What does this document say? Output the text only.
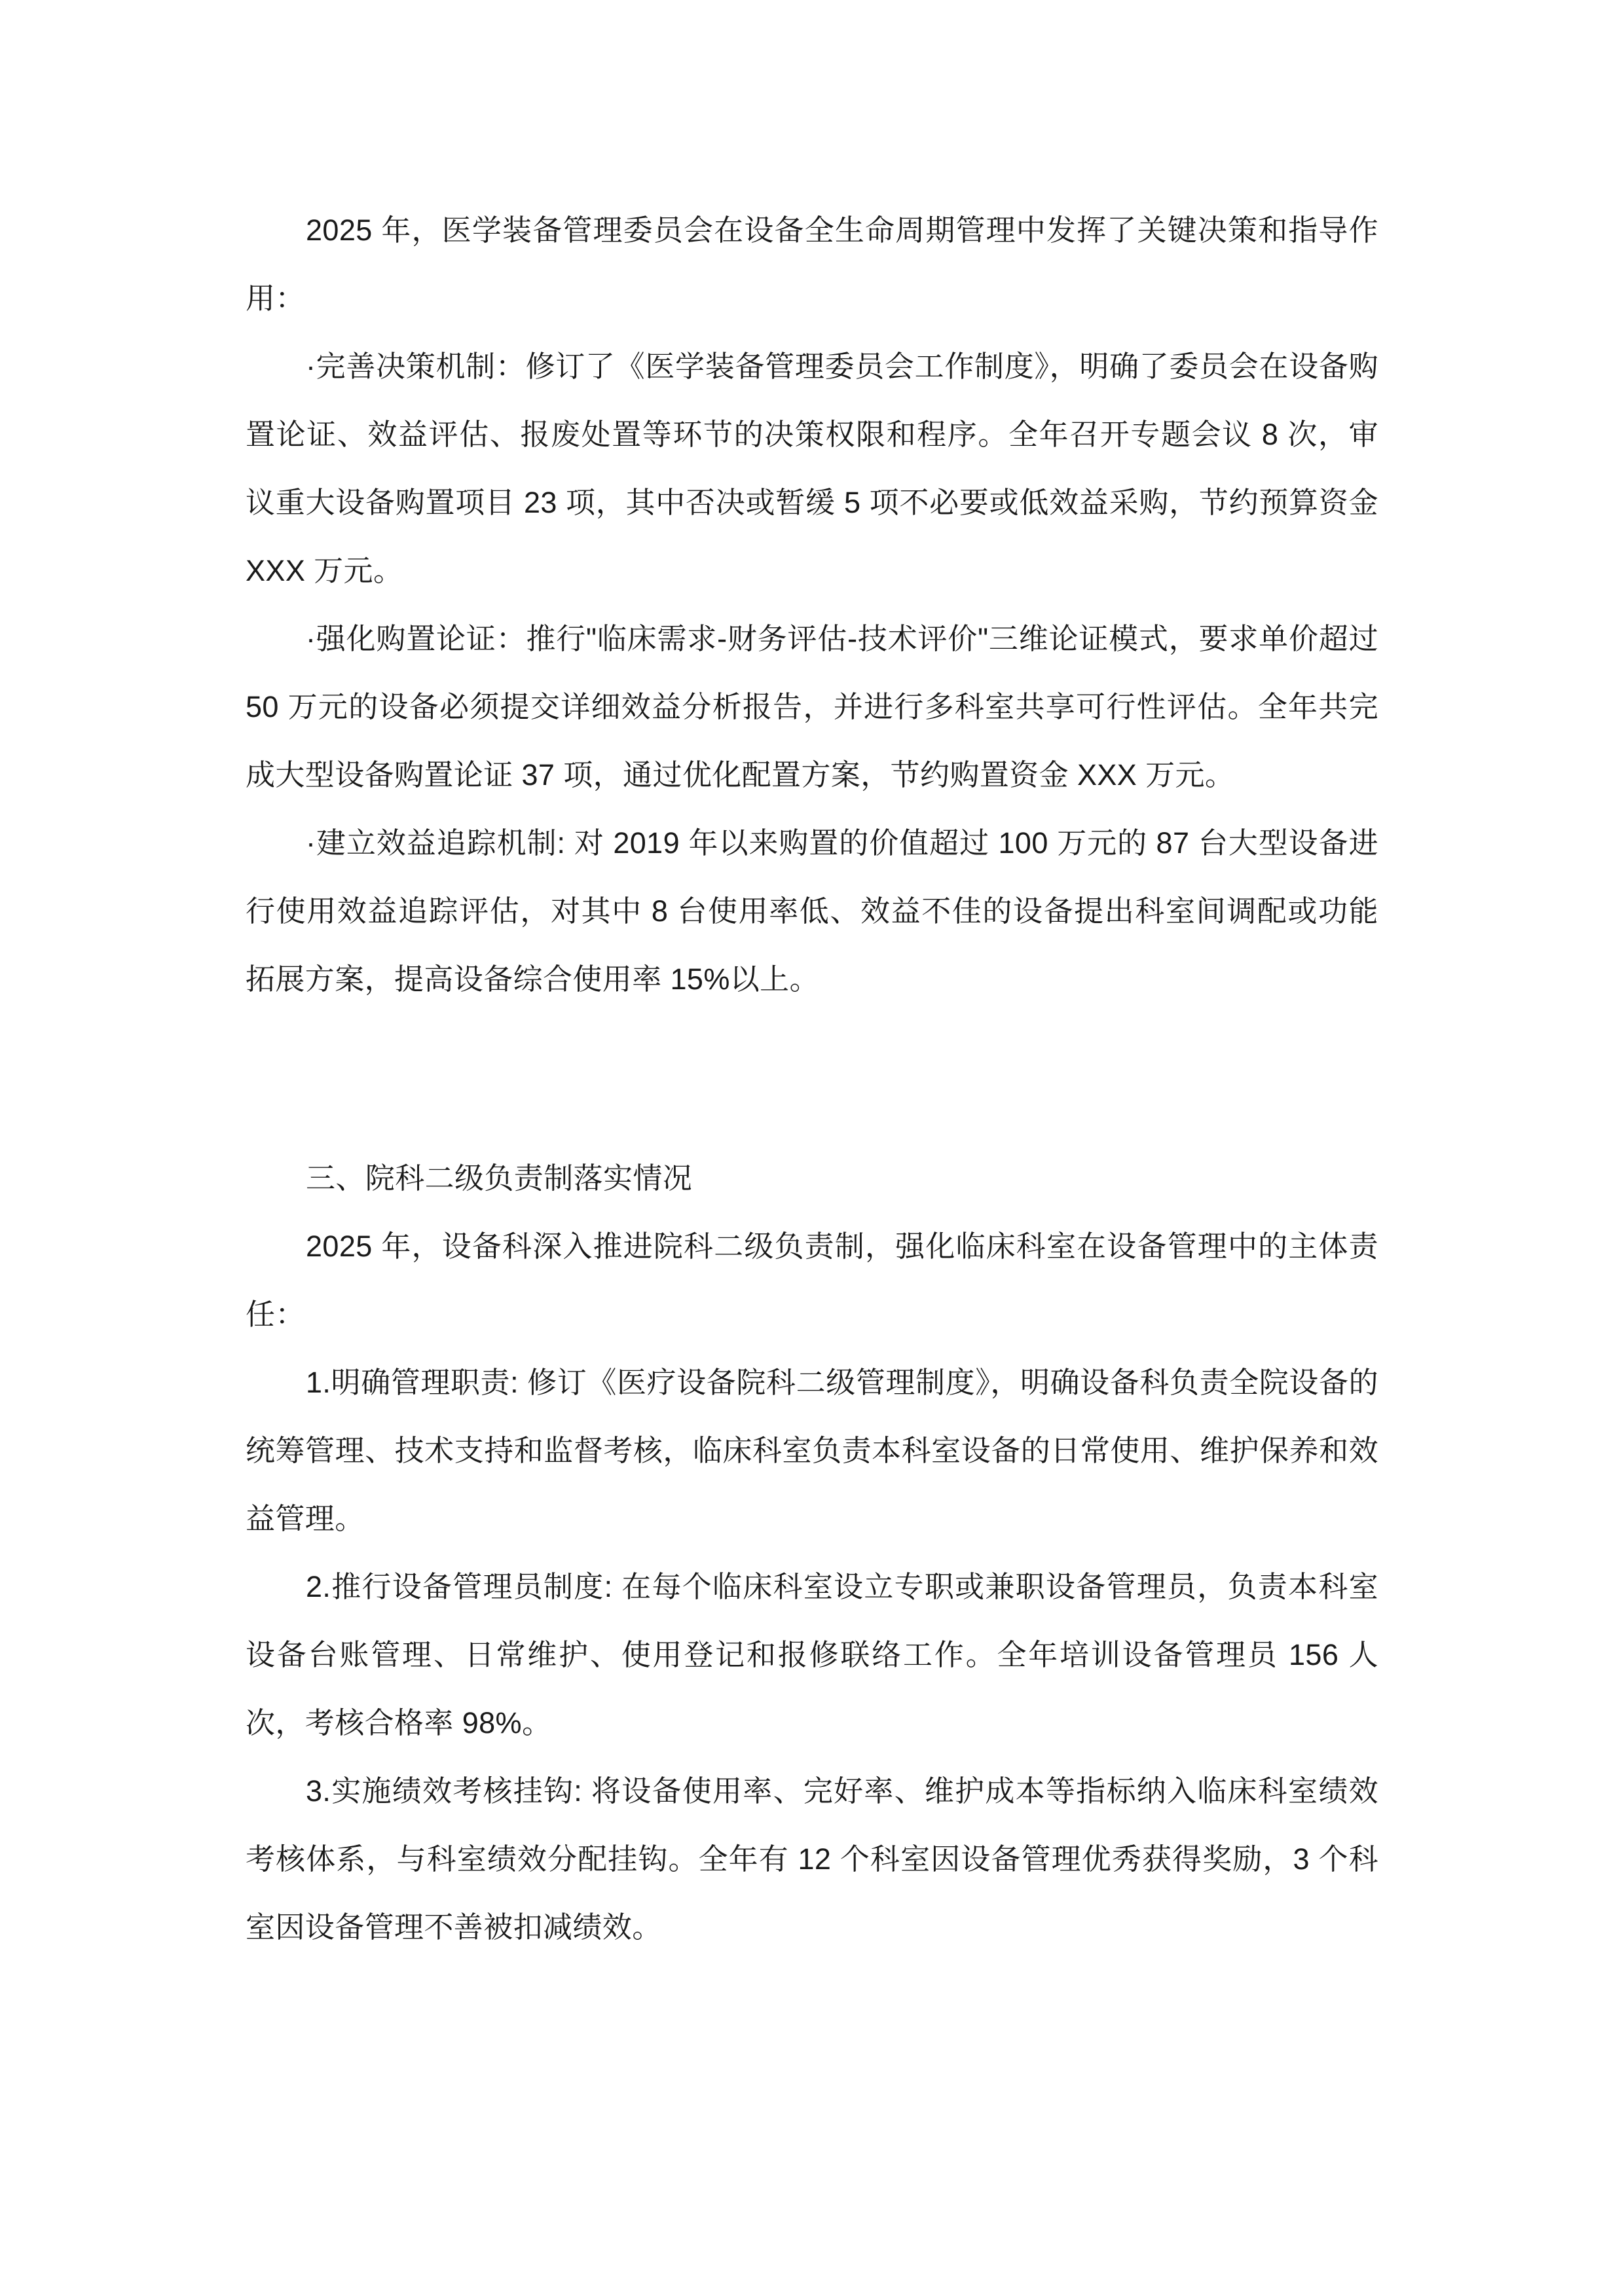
2025 年，医学装备管理委员会在设备全生命周期管理中发挥了关键决策和指导作用：

·完善决策机制：修订了《医学装备管理委员会工作制度》，明确了委员会在设备购置论证、效益评估、报废处置等环节的决策权限和程序。全年召开专题会议 8 次，审议重大设备购置项目 23 项，其中否决或暂缓 5 项不必要或低效益采购，节约预算资金 XXX 万元。

·强化购置论证：推行"临床需求-财务评估-技术评价"三维论证模式，要求单价超过 50 万元的设备必须提交详细效益分析报告，并进行多科室共享可行性评估。全年共完成大型设备购置论证 37 项，通过优化配置方案，节约购置资金 XXX 万元。

·建立效益追踪机制: 对 2019 年以来购置的价值超过 100 万元的 87 台大型设备进行使用效益追踪评估，对其中 8 台使用率低、效益不佳的设备提出科室间调配或功能拓展方案，提高设备综合使用率 15%以上。

三、院科二级负责制落实情况

2025 年，设备科深入推进院科二级负责制，强化临床科室在设备管理中的主体责任：

1.明确管理职责: 修订《医疗设备院科二级管理制度》，明确设备科负责全院设备的统筹管理、技术支持和监督考核，临床科室负责本科室设备的日常使用、维护保养和效益管理。

2.推行设备管理员制度: 在每个临床科室设立专职或兼职设备管理员，负责本科室设备台账管理、日常维护、使用登记和报修联络工作。全年培训设备管理员 156 人次，考核合格率 98%。

3.实施绩效考核挂钩: 将设备使用率、完好率、维护成本等指标纳入临床科室绩效考核体系，与科室绩效分配挂钩。全年有 12 个科室因设备管理优秀获得奖励，3 个科室因设备管理不善被扣减绩效。
